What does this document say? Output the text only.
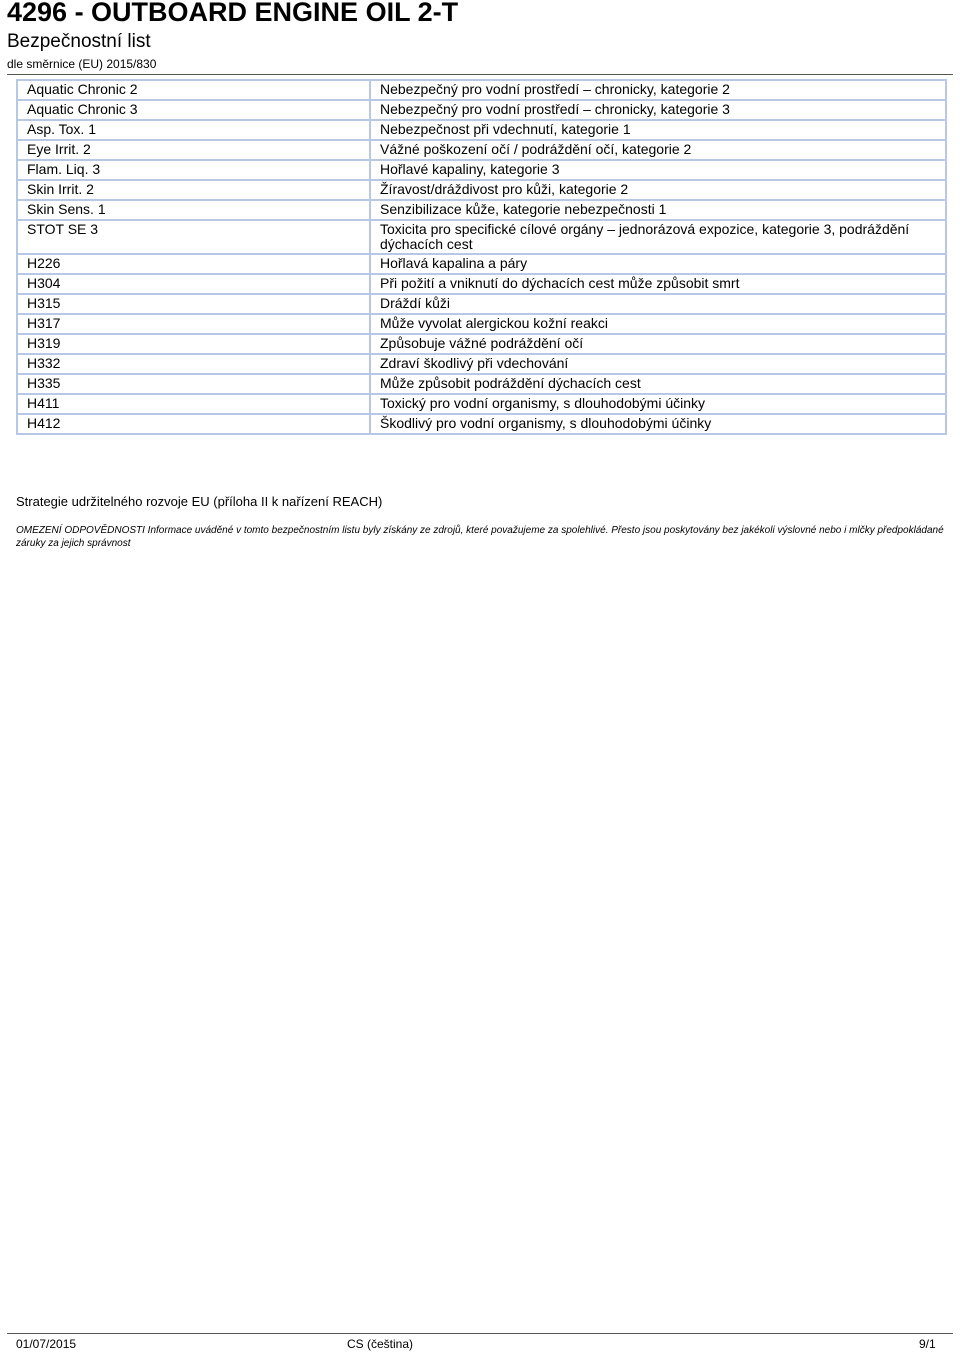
4296 - OUTBOARD ENGINE OIL 2-T
Bezpečnostní list
dle směrnice (EU) 2015/830
Aquatic Chronic 2	Nebezpečný pro vodní prostředí – chronicky, kategorie 2
Aquatic Chronic 3	Nebezpečný pro vodní prostředí – chronicky, kategorie 3
Asp. Tox. 1	Nebezpečnost při vdechnutí, kategorie 1
Eye Irrit. 2	Vážné poškození očí / podráždění očí, kategorie 2
Flam. Liq. 3	Hořlavé kapaliny, kategorie 3
Skin Irrit. 2	Žíravost/dráždivost pro kůži, kategorie 2
Skin Sens. 1	Senzibilizace kůže, kategorie nebezpečnosti 1
STOT SE 3	Toxicita pro specifické cílové orgány – jednorázová expozice, kategorie 3, podráždění dýchacích cest
H226	Hořlavá kapalina a páry
H304	Při požití a vniknutí do dýchacích cest může způsobit smrt
H315	Dráždí kůži
H317	Může vyvolat alergickou kožní reakci
H319	Způsobuje vážné podráždění očí
H332	Zdraví škodlivý při vdechování
H335	Může způsobit podráždění dýchacích cest
H411	Toxický pro vodní organismy, s dlouhodobými účinky
H412	Škodlivý pro vodní organismy, s dlouhodobými účinky
Strategie udržitelného rozvoje EU (příloha II k nařízení REACH)
OMEZENÍ ODPOVĚDNOSTI Informace uváděné v tomto bezpečnostním listu byly získány ze zdrojů, které považujeme za spolehlivé. Přesto jsou poskytovány bez jakékoli výslovné nebo i mlčky předpokládané záruky za jejich správnost
01/07/2015	CS (čeština)	9/1
